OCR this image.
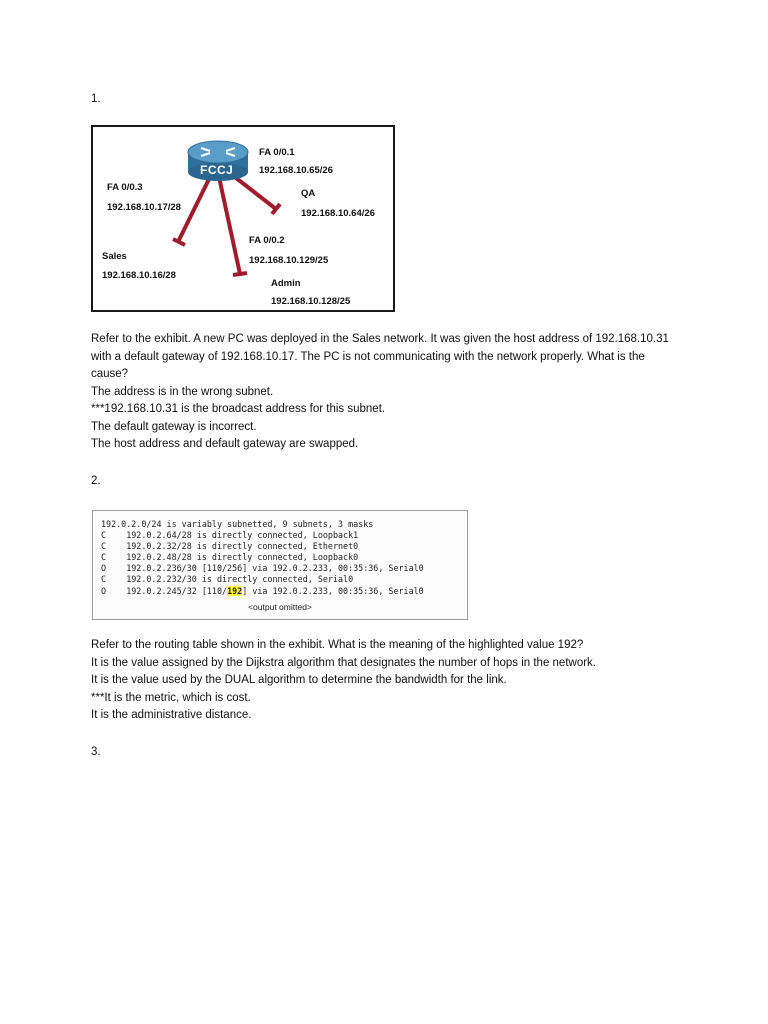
1.
FCCJ
FA 0/0.1
192.168.10.65/26
FA 0/0.3
192.168.10.17/28
QA
192.168.10.64/26
FA 0/0.2
192.168.10.129/25
Sales
192.168.10.16/28
Admin
192.168.10.128/25
Refer to the exhibit. A new PC was deployed in the Sales network. It was given the host address of 192.168.10.31
with a default gateway of 192.168.10.17. The PC is not communicating with the network properly. What is the
cause?
The address is in the wrong subnet.
***192.168.10.31 is the broadcast address for this subnet.
The default gateway is incorrect.
The host address and default gateway are swapped.
2.
192.0.2.0/24 is variably subnetted, 9 subnets, 3 masks
C 192.0.2.64/28 is directly connected, Loopback1
C 192.0.2.32/28 is directly connected, Ethernet0
C 192.0.2.48/28 is directly connected, Loopback0
O 192.0.2.236/30 [110/256] via 192.0.2.233, 00:35:36, Serial0
C 192.0.2.232/30 is directly connected, Serial0
O 192.0.2.245/32 [110/192] via 192.0.2.233, 00:35:36, Serial0
<output omitted>
Refer to the routing table shown in the exhibit. What is the meaning of the highlighted value 192?
It is the value assigned by the Dijkstra algorithm that designates the number of hops in the network.
It is the value used by the DUAL algorithm to determine the bandwidth for the link.
***It is the metric, which is cost.
It is the administrative distance.
3.
